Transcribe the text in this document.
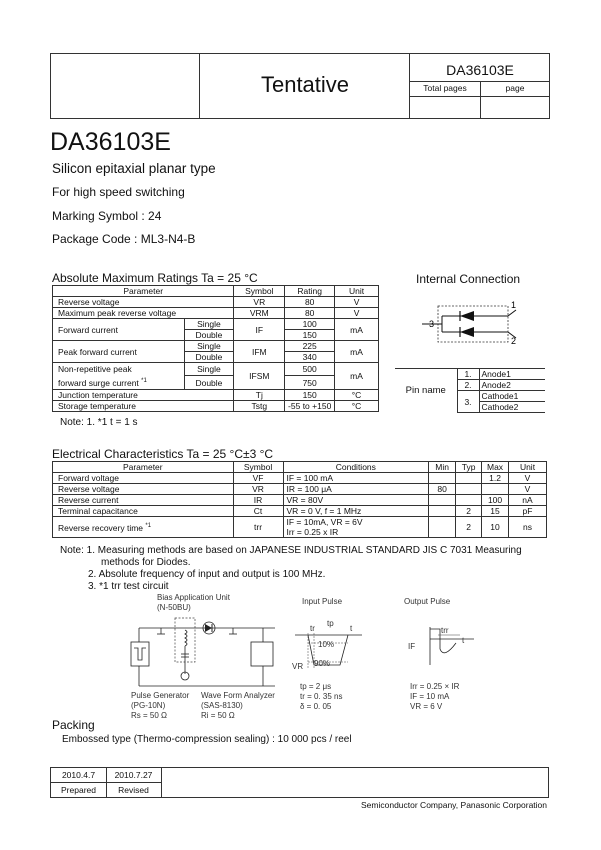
Tentative
DA36103E
Total pages	page
DA36103E
Silicon epitaxial planar type
For high speed switching
Marking Symbol : 24
Package Code : ML3-N4-B
Absolute Maximum Ratings Ta = 25 °C
Parameter		Symbol	Rating	Unit
Reverse voltage		VR	80	V
Maximum peak reverse voltage		VRM	80	V
Forward current	Single	IF	100	mA
	Double		150	
Peak forward current	Single	IFM	225	mA
	Double		340	
Non-repetitive peak
forward surge current $^{*1}$	Single	IFSM	500	mA
	Double		750	
Junction temperature		Tj	150	°C
Storage temperature		Tstg	-55 to +150	°C
Note: 1. *1 t = 1 s
Internal Connection
1
2
3
Pin name	1.	Anode1
	2.	Anode2
	3.	Cathode1
		Cathode2
Electrical Characteristics Ta = 25 °C±3 °C
Parameter	Symbol	Conditions	Min	Typ	Max	Unit
Forward voltage	VF	IF = 100 mA			1.2	V
Reverse voltage	VR	IR = 100 μA	80			V
Reverse current	IR	VR = 80V			100	nA
Terminal capacitance	Ct	VR = 0 V, f = 1 MHz		2	15	pF
Reverse recovery time $^{*1}$	trr	IF = 10mA, VR = 6V
Irr = 0.25 x IR		2	10	ns
Note: 1. Measuring methods are based on JAPANESE INDUSTRIAL STANDARD JIS C 7031 Measuring
methods for Diodes.
2. Absolute frequency of input and output is 100 MHz.
3. *1 trr test circuit
Bias Application Unit
(N-50BU)
Pulse Generator
(PG-10N)
Rs = 50 Ω
Wave Form Analyzer
(SAS-8130)
Ri = 50 Ω
Input Pulse
tr
tp
t
10%
90%
VR
tp = 2 μs
tr = 0. 35 ns
δ = 0. 05
Output Pulse
trr
t
IF
Irr = 0.25 × IR
IF = 10 mA
VR = 6 V
Packing
Embossed type (Thermo-compression sealing) : 10 000 pcs / reel
2010.4.7	2010.7.27
Prepared	Revised
Semiconductor Company, Panasonic Corporation
